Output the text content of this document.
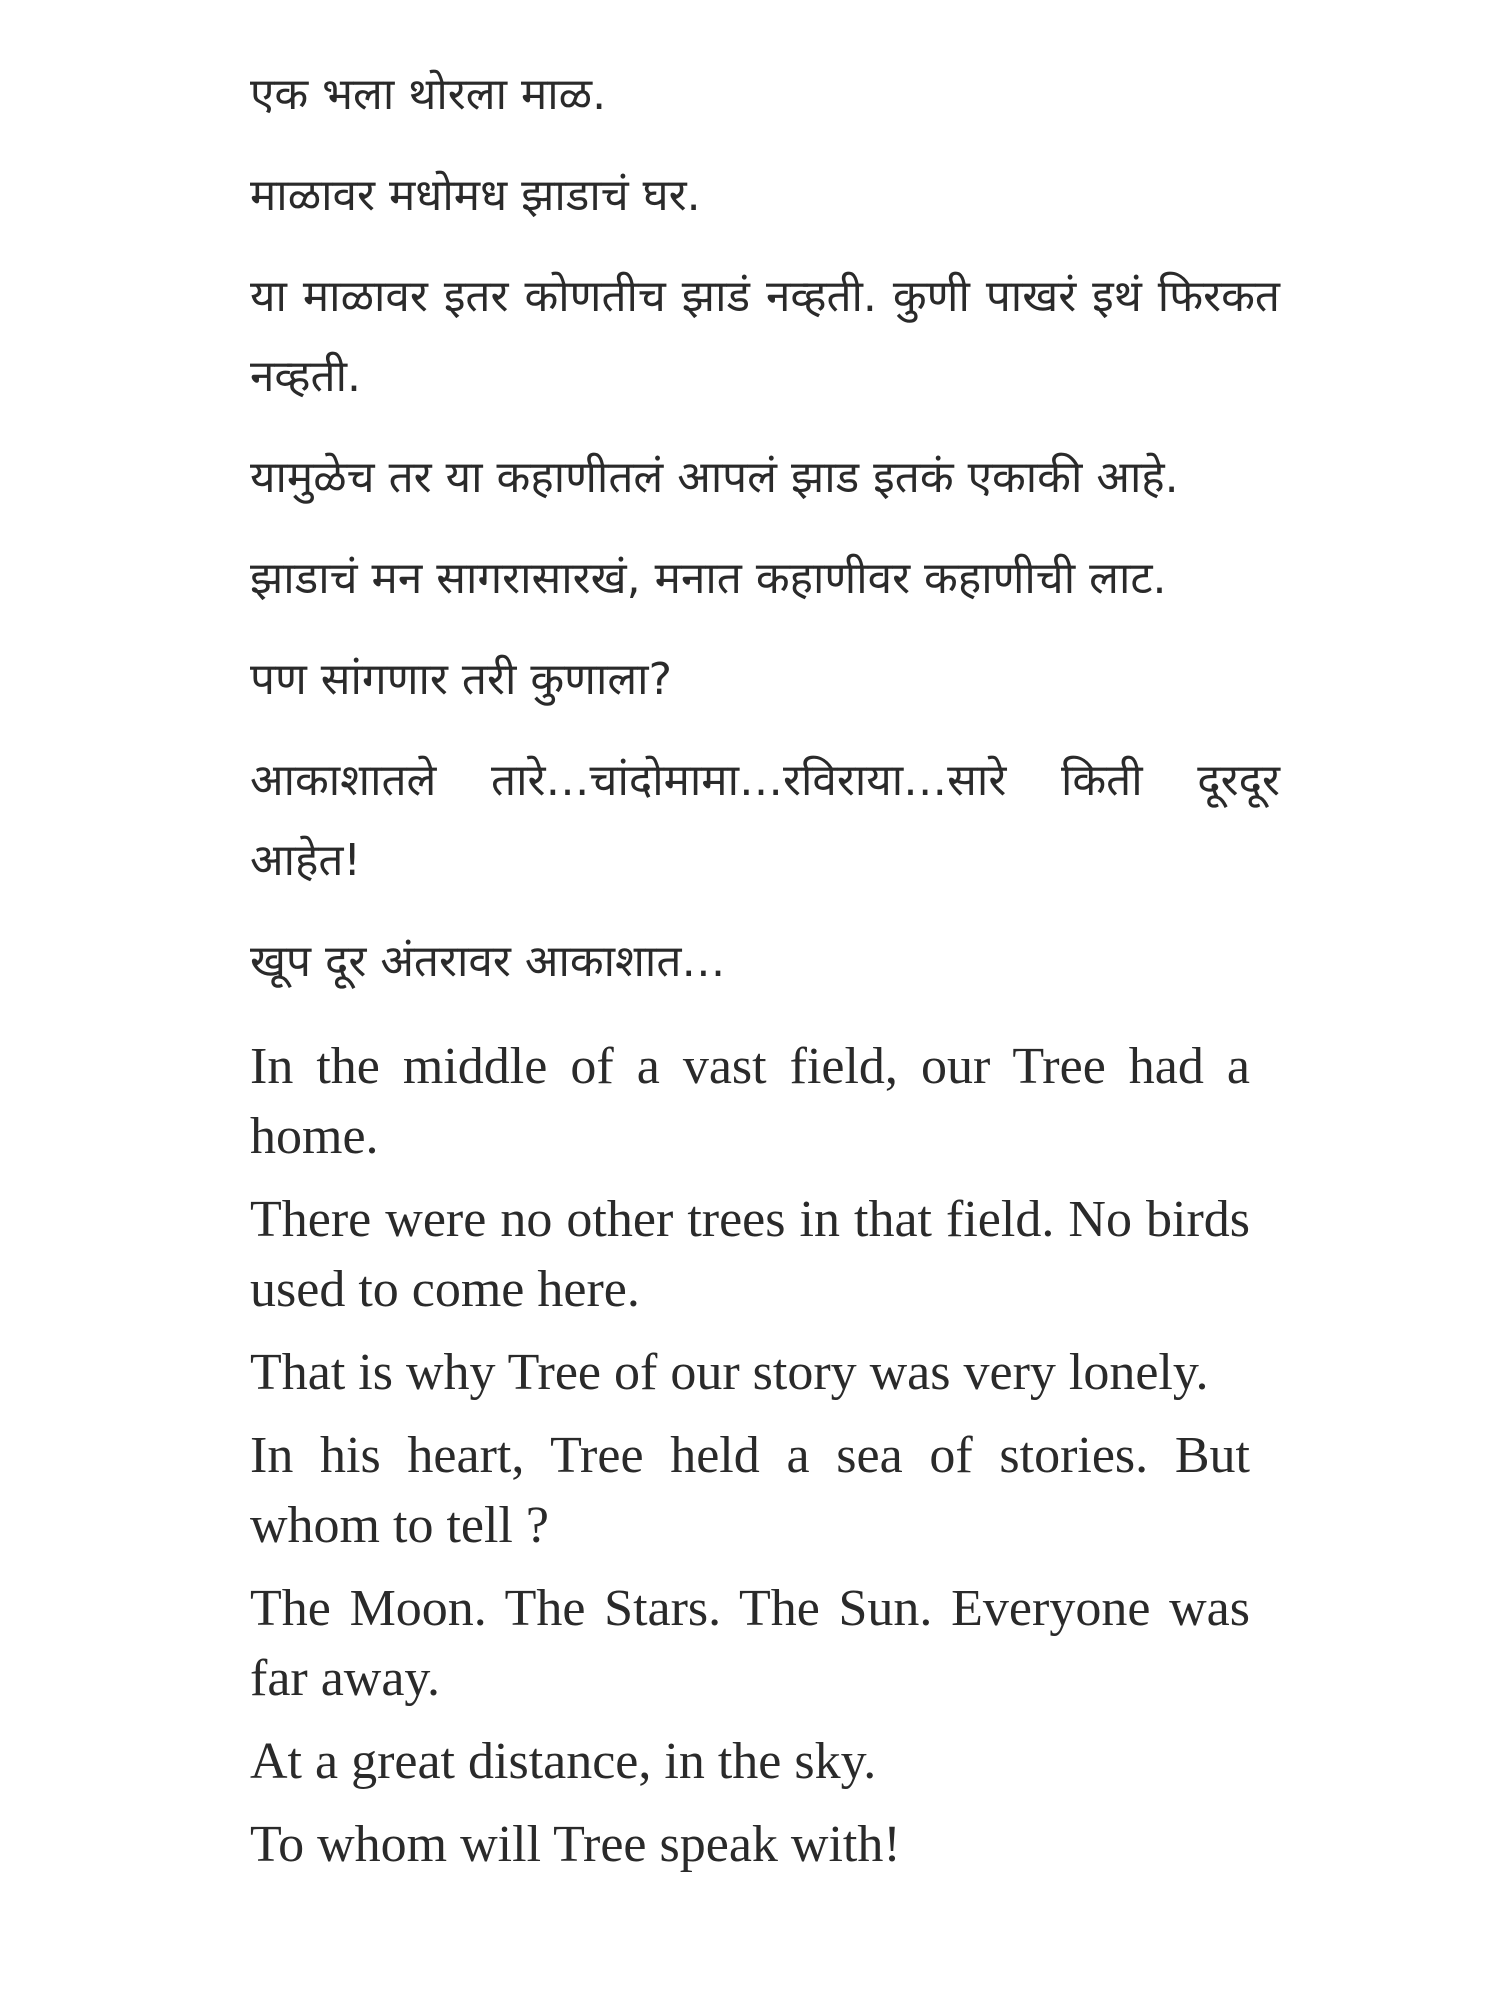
एक भला थोरला माळ.

माळावर मधोमध झाडाचं घर.

या माळावर इतर कोणतीच झाडं नव्हती. कुणी पाखरं इथं फिरकत नव्हती.

यामुळेच तर या कहाणीतलं आपलं झाड इतकं एकाकी आहे.

झाडाचं मन सागरासारखं, मनात कहाणीवर कहाणीची लाट.

पण सांगणार तरी कुणाला?

आकाशातले तारे…चांदोमामा…रविराया…सारे किती दूरदूर आहेत!

खूप दूर अंतरावर आकाशात…

In the middle of a vast field, our Tree had a home.

There were no other trees in that field. No birds used to come here.

That is why Tree of our story was very lonely.

In his heart, Tree held a sea of stories. But whom to tell ?

The Moon. The Stars. The Sun. Everyone was far away.

At a great distance, in the sky.

To whom will Tree speak with!
